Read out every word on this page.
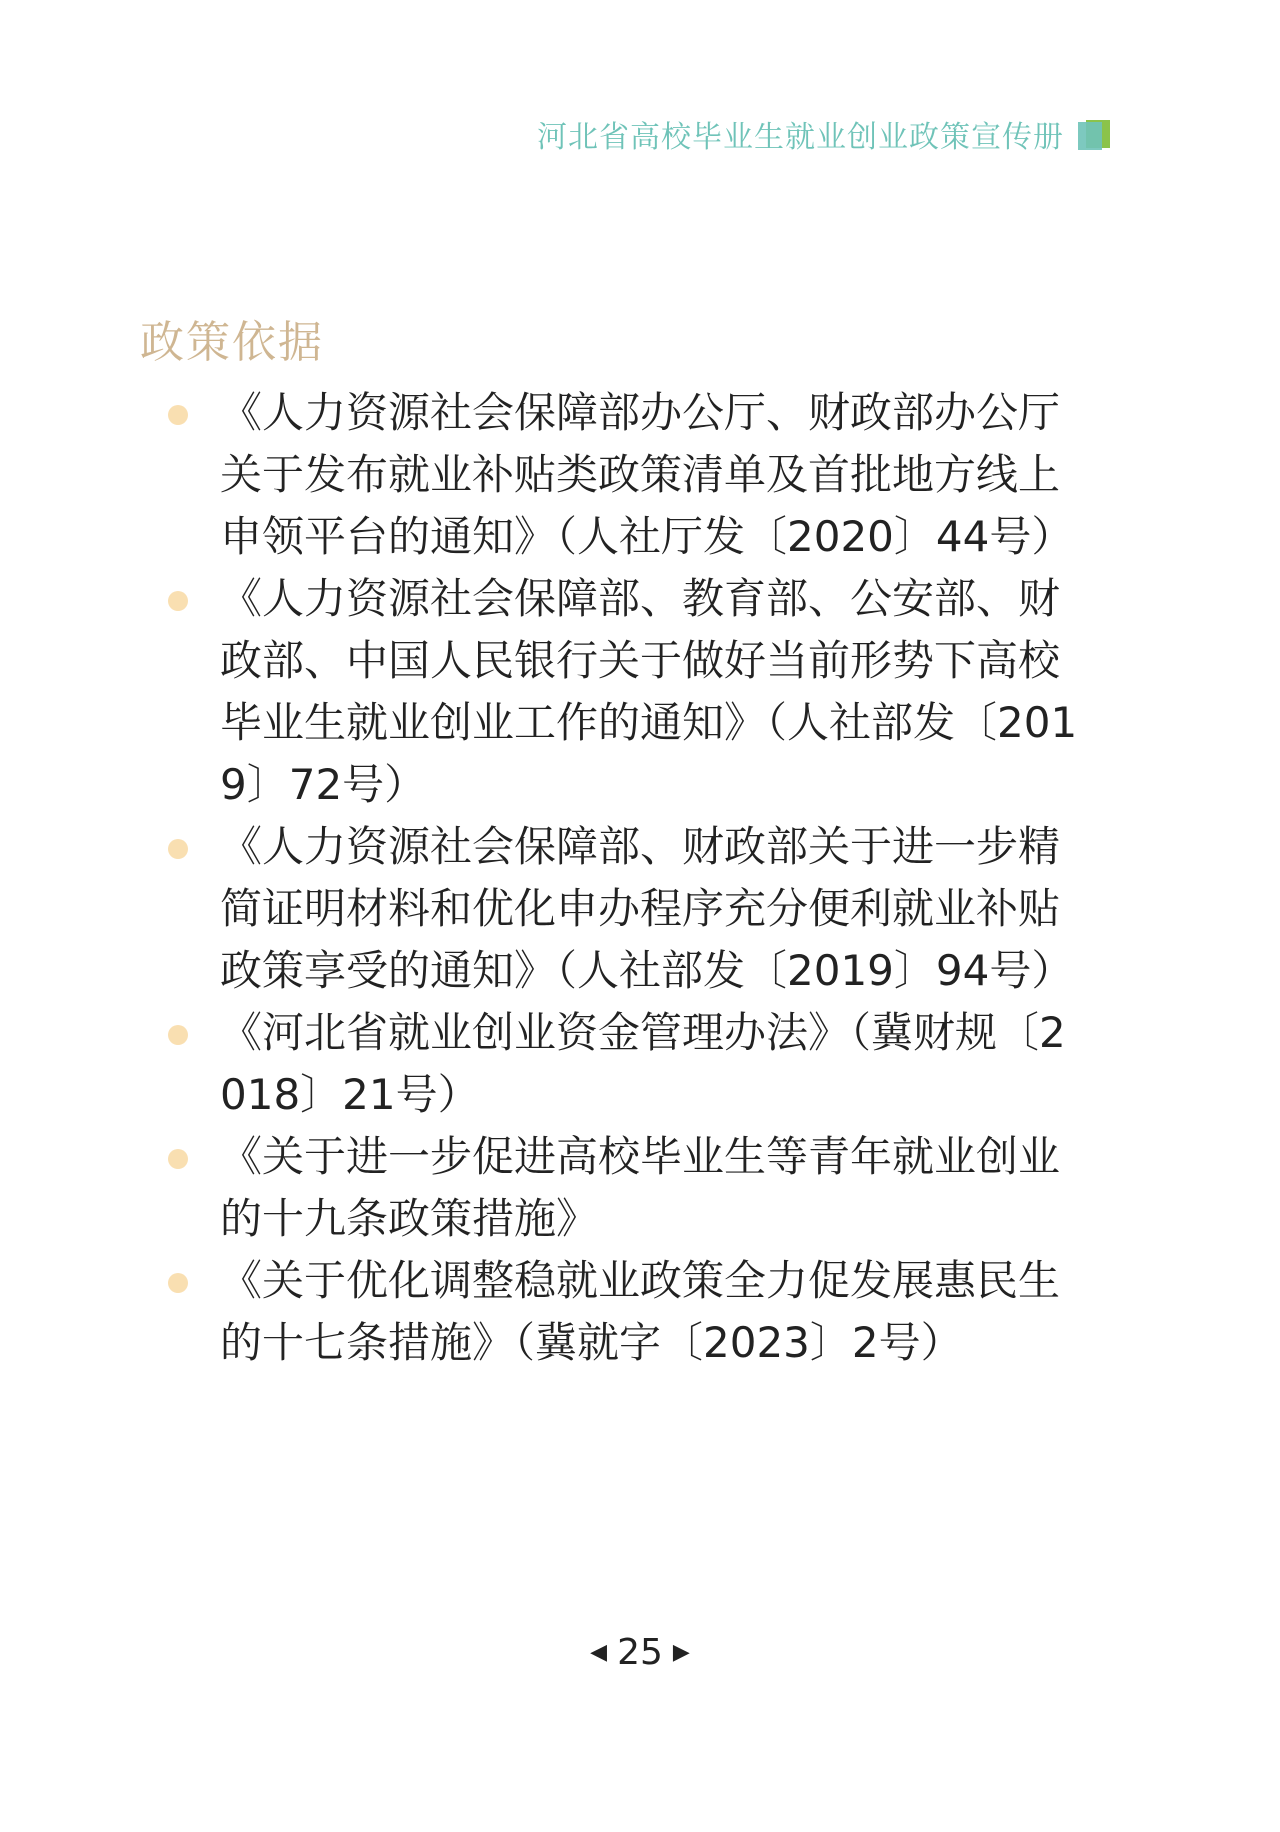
河北省高校毕业生就业创业政策宣传册
政策依据
《人力资源社会保障部办公厅、财政部办公厅关于发布就业补贴类政策清单及首批地方线上申领平台的通知》（人社厅发〔2020〕44号）
《人力资源社会保障部、教育部、公安部、财政部、中国人民银行关于做好当前形势下高校毕业生就业创业工作的通知》（人社部发〔2019〕72号）
《人力资源社会保障部、财政部关于进一步精简证明材料和优化申办程序充分便利就业补贴政策享受的通知》（人社部发〔2019〕94号）
《河北省就业创业资金管理办法》（冀财规〔2018〕21号）
《关于进一步促进高校毕业生等青年就业创业的十九条政策措施》
《关于优化调整稳就业政策全力促发展惠民生的十七条措施》（冀就字〔2023〕2号）
◀ 25 ▶
